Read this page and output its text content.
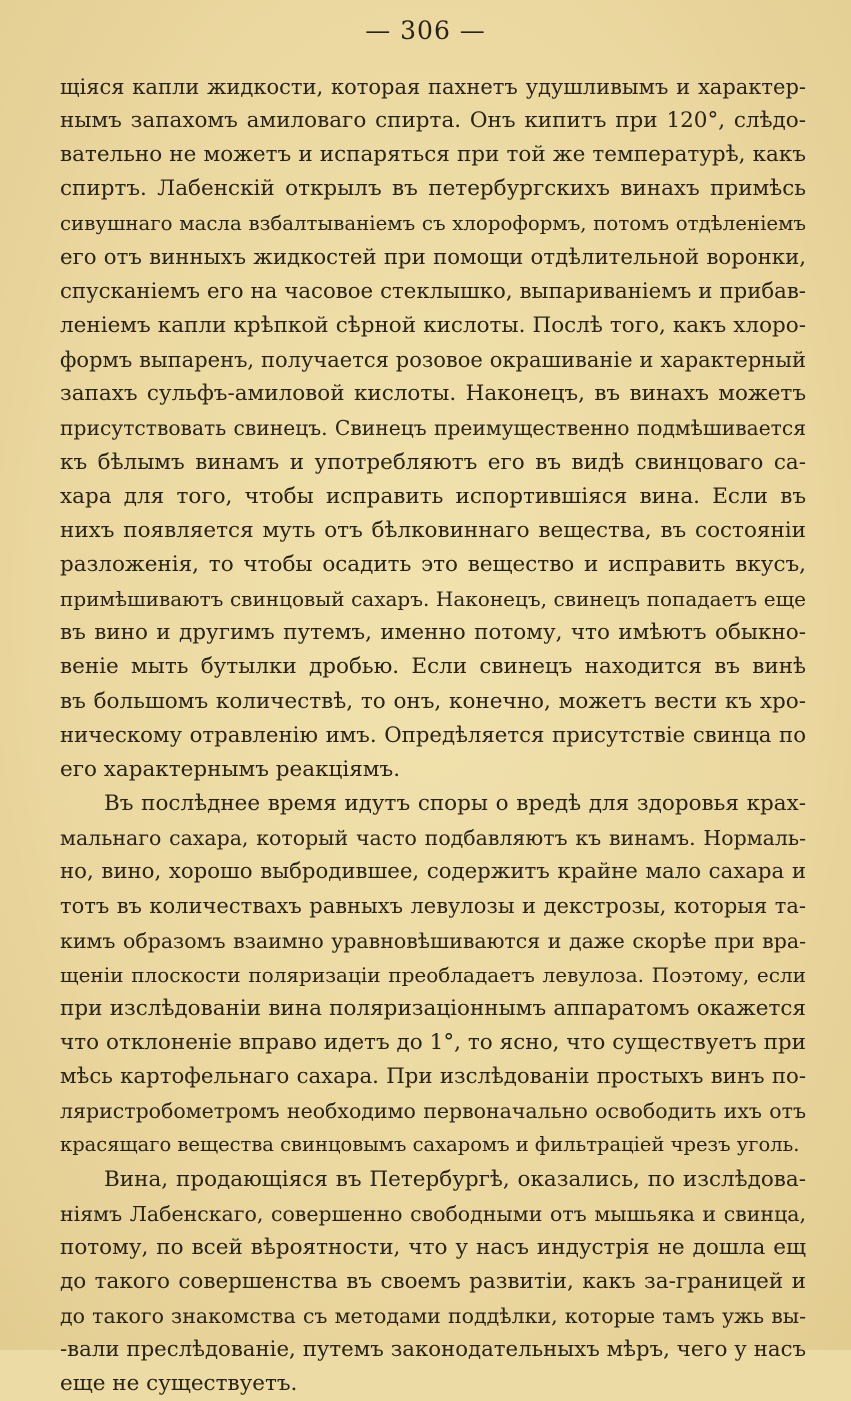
— 306 —
щіяся капли жидкости, которая пахнетъ удушливымъ и характер-
нымъ запахомъ амиловаго спирта. Онъ кипитъ при 120°, слѣдо-
вательно не можетъ и испаряться при той же температурѣ, какъ
спиртъ. Лабенскій открылъ въ петербургскихъ винахъ примѣсь
сивушнаго масла взбалтываніемъ съ хлороформъ, потомъ отдѣленіемъ
его отъ винныхъ жидкостей при помощи отдѣлительной воронки,
спусканіемъ его на часовое стеклышко, выпариваніемъ и прибав-
леніемъ капли крѣпкой сѣрной кислоты. Послѣ того, какъ хлоро-
формъ выпаренъ, получается розовое окрашиваніе и характерный
запахъ сульфъ-амиловой кислоты. Наконецъ, въ винахъ можетъ
присутствовать свинецъ. Свинецъ преимущественно подмѣшивается
къ бѣлымъ винамъ и употребляютъ его въ видѣ свинцоваго са-
хара для того, чтобы исправить испортившіяся вина. Если въ
нихъ появляется муть отъ бѣлковиннаго вещества, въ состояніи
разложенія, то чтобы осадить это вещество и исправить вкусъ,
примѣшиваютъ свинцовый сахаръ. Наконецъ, свинецъ попадаетъ еще
въ вино и другимъ путемъ, именно потому, что имѣютъ обыкно-
веніе мыть бутылки дробью. Если свинецъ находится въ винѣ
въ большомъ количествѣ, то онъ, конечно, можетъ вести къ хро-
ническому отравленію имъ. Опредѣляется присутствіе свинца по
его характернымъ реакціямъ.
Въ послѣднее время идутъ споры о вредѣ для здоровья крах-
мальнаго сахара, который часто подбавляютъ къ винамъ. Нормаль-
но, вино, хорошо выбродившее, содержитъ крайне мало сахара и
тотъ въ количествахъ равныхъ левулозы и декстрозы, которыя та-
кимъ образомъ взаимно уравновѣшиваются и даже скорѣе при вра-
щеніи плоскости поляризаціи преобладаетъ левулоза. Поэтому, если
при изслѣдованіи вина поляризаціоннымъ аппаратомъ окажется
что отклоненіе вправо идетъ до 1°, то ясно, что существуетъ при
мѣсь картофельнаго сахара. При изслѣдованіи простыхъ винъ по-
ляристробометромъ необходимо первоначально освободить ихъ отъ
красящаго вещества свинцовымъ сахаромъ и фильтраціей чрезъ уголь.
Вина, продающіяся въ Петербургѣ, оказались, по изслѣдова-
ніямъ Лабенскаго, совершенно свободными отъ мышьяка и свинца,
потому, по всей вѣроятности, что у насъ индустрія не дошла ещ
до такого совершенства въ своемъ развитіи, какъ за-границей и
до такого знакомства съ методами поддѣлки, которые тамъ ужь вы-
-вали преслѣдованіе, путемъ законодательныхъ мѣръ, чего у насъ
еще не существуетъ.
